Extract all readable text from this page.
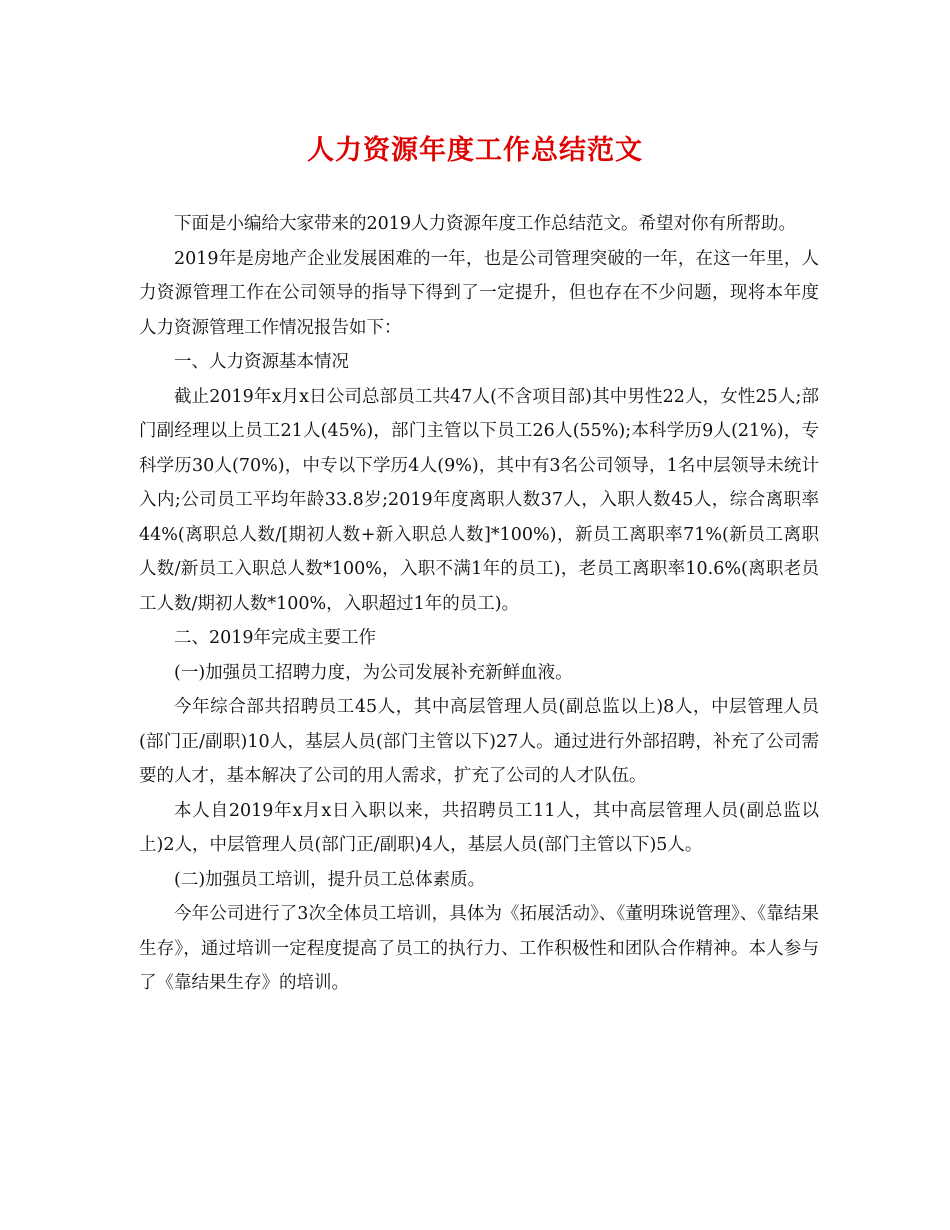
人力资源年度工作总结范文

下面是小编给大家带来的2019人力资源年度工作总结范文。希望对你有所帮助。

2019年是房地产企业发展困难的一年，也是公司管理突破的一年，在这一年里，人力资源管理工作在公司领导的指导下得到了一定提升，但也存在不少问题，现将本年度人力资源管理工作情况报告如下：

一、人力资源基本情况

截止2019年x月x日公司总部员工共47人(不含项目部)其中男性22人，女性25人;部门副经理以上员工21人(45%)，部门主管以下员工26人(55%);本科学历9人(21%)，专科学历30人(70%)，中专以下学历4人(9%)，其中有3名公司领导，1名中层领导未统计入内;公司员工平均年龄33.8岁;2019年度离职人数37人，入职人数45人，综合离职率44%(离职总人数/[期初人数+新入职总人数]*100%)，新员工离职率71%(新员工离职人数/新员工入职总人数*100%，入职不满1年的员工)，老员工离职率10.6%(离职老员工人数/期初人数*100%，入职超过1年的员工)。

二、2019年完成主要工作

(一)加强员工招聘力度，为公司发展补充新鲜血液。

今年综合部共招聘员工45人，其中高层管理人员(副总监以上)8人，中层管理人员(部门正/副职)10人，基层人员(部门主管以下)27人。通过进行外部招聘，补充了公司需要的人才，基本解决了公司的用人需求，扩充了公司的人才队伍。

本人自2019年x月x日入职以来，共招聘员工11人，其中高层管理人员(副总监以上)2人，中层管理人员(部门正/副职)4人，基层人员(部门主管以下)5人。

(二)加强员工培训，提升员工总体素质。

今年公司进行了3次全体员工培训，具体为《拓展活动》、《董明珠说管理》、《靠结果生存》，通过培训一定程度提高了员工的执行力、工作积极性和团队合作精神。本人参与了《靠结果生存》的培训。
